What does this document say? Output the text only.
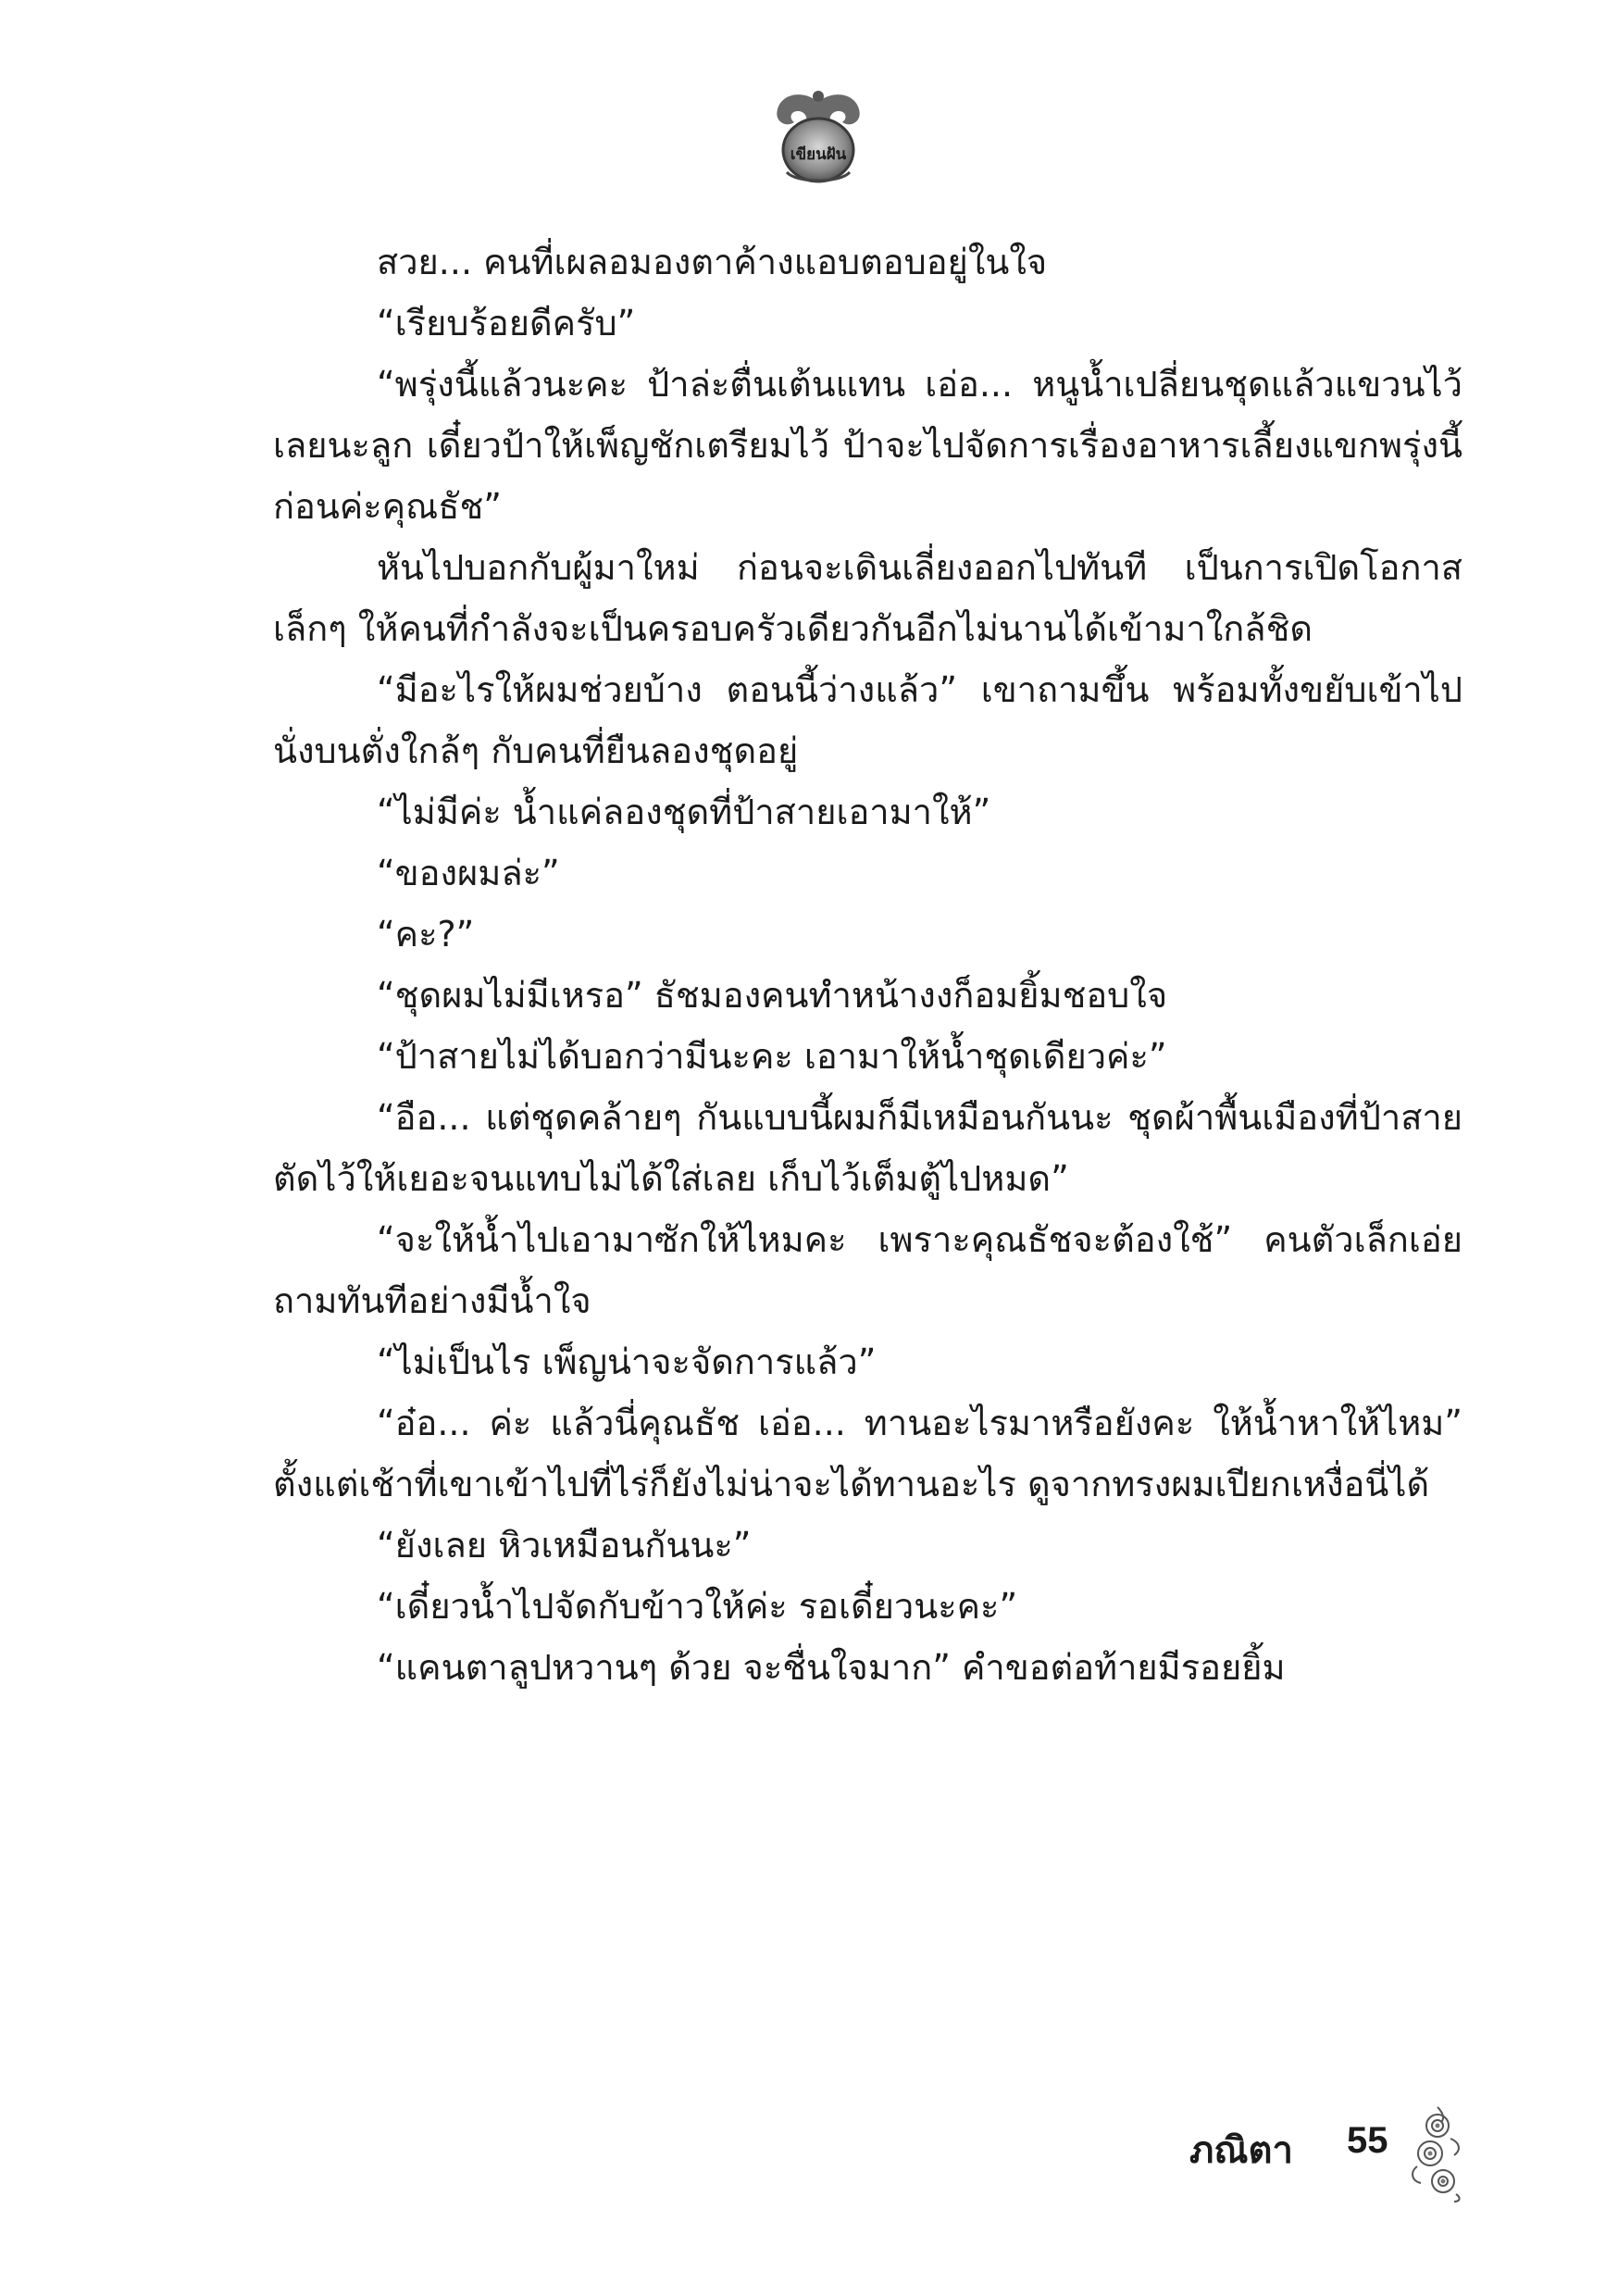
เขียนฝัน

สวย... คนที่เผลอมองตาค้างแอบตอบอยู่ในใจ

“เรียบร้อยดีครับ”

“พรุ่งนี้แล้วนะคะ ป้าล่ะตื่นเต้นแทน เอ่อ... หนูน้ำเปลี่ยนชุดแล้วแขวนไว้เลยนะลูก เดี๋ยวป้าให้เพ็ญชักเตรียมไว้ ป้าจะไปจัดการเรื่องอาหารเลี้ยงแขกพรุ่งนี้ก่อนค่ะคุณธัช”

หันไปบอกกับผู้มาใหม่ ก่อนจะเดินเลี่ยงออกไปทันที เป็นการเปิดโอกาสเล็กๆ ให้คนที่กำลังจะเป็นครอบครัวเดียวกันอีกไม่นานได้เข้ามาใกล้ชิด

“มีอะไรให้ผมช่วยบ้าง ตอนนี้ว่างแล้ว” เขาถามขึ้น พร้อมทั้งขยับเข้าไปนั่งบนตั่งใกล้ๆ กับคนที่ยืนลองชุดอยู่

“ไม่มีค่ะ น้ำแค่ลองชุดที่ป้าสายเอามาให้”

“ของผมล่ะ”

“คะ?”

“ชุดผมไม่มีเหรอ” ธัชมองคนทำหน้างงก็อมยิ้มชอบใจ

“ป้าสายไม่ได้บอกว่ามีนะคะ เอามาให้น้ำชุดเดียวค่ะ”

“อือ... แต่ชุดคล้ายๆ กันแบบนี้ผมก็มีเหมือนกันนะ ชุดผ้าพื้นเมืองที่ป้าสายตัดไว้ให้เยอะจนแทบไม่ได้ใส่เลย เก็บไว้เต็มตู้ไปหมด”

“จะให้น้ำไปเอามาซักให้ไหมคะ เพราะคุณธัชจะต้องใช้” คนตัวเล็กเอ่ยถามทันทีอย่างมีน้ำใจ

“ไม่เป็นไร เพ็ญน่าจะจัดการแล้ว”

“อ๋อ... ค่ะ แล้วนี่คุณธัช เอ่อ... ทานอะไรมาหรือยังคะ ให้น้ำหาให้ไหม” ตั้งแต่เช้าที่เขาเข้าไปที่ไร่ก็ยังไม่น่าจะได้ทานอะไร ดูจากทรงผมเปียกเหงื่อนี่ได้

“ยังเลย หิวเหมือนกันนะ”

“เดี๋ยวน้ำไปจัดกับข้าวให้ค่ะ รอเดี๋ยวนะคะ”

“แคนตาลูปหวานๆ ด้วย จะชื่นใจมาก” คำขอต่อท้ายมีรอยยิ้ม

ภณิตา 55
